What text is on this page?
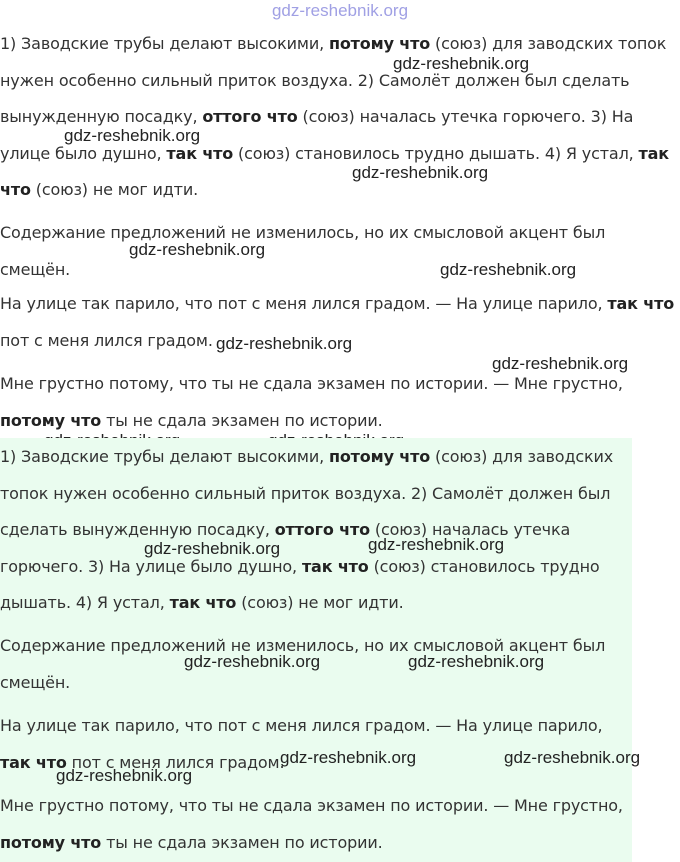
gdz-reshebnik.org

1) Заводские трубы делают высокими, потому что (союз) для заводских топок
нужен особенно сильный приток воздуха. 2) Самолёт должен был сделать
вынужденную посадку, оттого что (союз) началась утечка горючего. 3) На
улице было душно, так что (союз) становилось трудно дышать. 4) Я устал, так
что (союз) не мог идти.

Содержание предложений не изменилось, но их смысловой акцент был
смещён.

На улице так парило, что пот с меня лился градом. — На улице парило, так что
пот с меня лился градом.

Мне грустно потому, что ты не сдала экзамен по истории. — Мне грустно,
потому что ты не сдала экзамен по истории.

gdz-reshebnik.org
gdz-reshebnik.org
gdz-reshebnik.org
gdz-reshebnik.org
gdz-reshebnik.org
gdz-reshebnik.org
gdz-reshebnik.org

1) Заводские трубы делают высокими, потому что (союз) для заводских
топок нужен особенно сильный приток воздуха. 2) Самолёт должен был
сделать вынужденную посадку, оттого что (союз) началась утечка
горючего. 3) На улице было душно, так что (союз) становилось трудно
дышать. 4) Я устал, так что (союз) не мог идти.

Содержание предложений не изменилось, но их смысловой акцент был
смещён.

На улице так парило, что пот с меня лился градом. — На улице парило,
так что пот с меня лился градом.

Мне грустно потому, что ты не сдала экзамен по истории. — Мне грустно,
потому что ты не сдала экзамен по истории.

gdz-reshebnik.org	gdz-reshebnik.org
gdz-reshebnik.org	gdz-reshebnik.org
gdz-reshebnik.org	gdz-reshebnik.org
gdz-reshebnik.org
